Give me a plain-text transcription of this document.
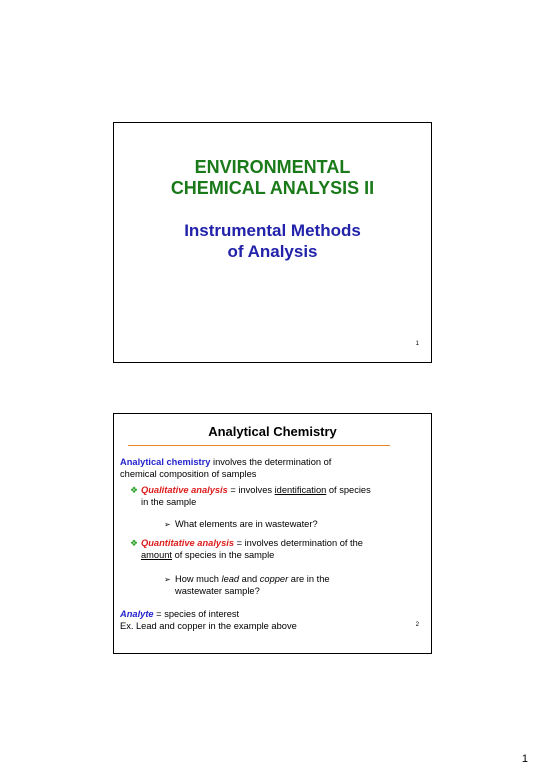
ENVIRONMENTAL
CHEMICAL ANALYSIS II
Instrumental Methods
of Analysis
1
Analytical Chemistry
Analytical chemistry involves the determination of
chemical composition of samples
❖ Qualitative analysis = involves identification of species
in the sample
➢ What elements are in wastewater?
❖ Quantitative analysis = involves determination of the
amount of species in the sample
➢ How much lead and copper are in the
wastewater sample?
Analyte = species of interest
Ex. Lead and copper in the example above	2
1
